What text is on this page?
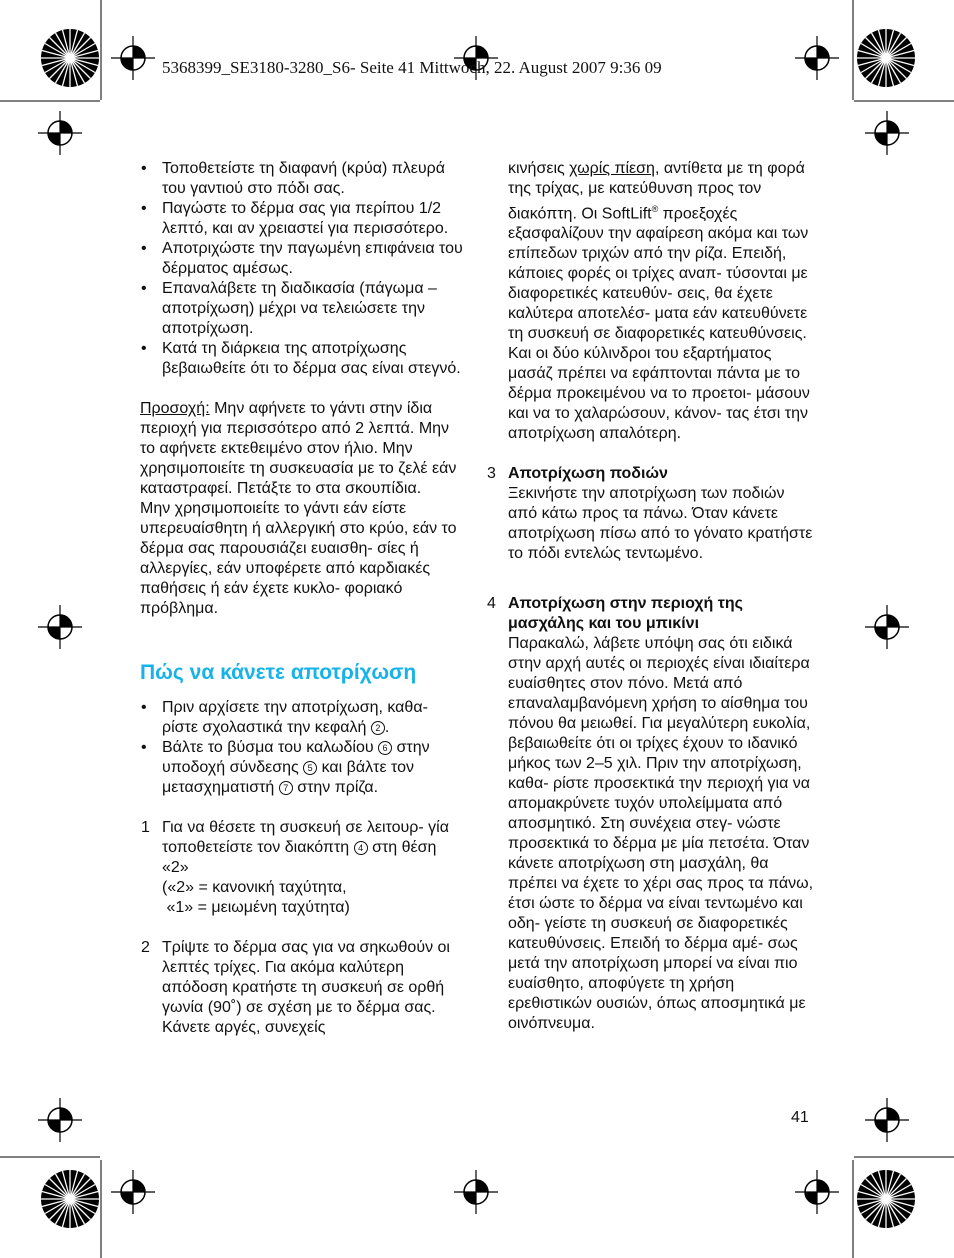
5368399_SE3180-3280_S6- Seite 41 Mittwoch, 22. August 2007 9:36 09
• Τοποθετείστε τη διαφανή (κρύα) πλευρά του γαντιού στο πόδι σας.
• Παγώστε το δέρμα σας για περίπου 1/2 λεπτό, και αν χρειαστεί για περισσότερο.
• Αποτριχώστε την παγωμένη επιφάνεια του δέρματος αμέσως.
• Επαναλάβετε τη διαδικασία (πάγωμα – αποτρίχωση) μέχρι να τελειώσετε την αποτρίχωση.
• Κατά τη διάρκεια της αποτρίχωσης βεβαιωθείτε ότι το δέρμα σας είναι στεγνό.

Προσοχή: Μην αφήνετε το γάντι στην ίδια περιοχή για περισσότερο από 2 λεπτά. Μην το αφήνετε εκτεθειμένο στον ήλιο. Μην χρησιμοποιείτε τη συσκευασία με το ζελέ εάν καταστραφεί. Πετάξτε το στα σκουπίδια.

Μην χρησιμοποιείτε το γάντι εάν είστε υπερευαίσθητη ή αλλεργική στο κρύο, εάν το δέρμα σας παρουσιάζει ευαισθη- σίες ή αλλεργίες, εάν υποφέρετε από καρδιακές παθήσεις ή εάν έχετε κυκλο- φοριακό πρόβλημα.

Πώς να κάνετε αποτρίχωση

• Πριν αρχίσετε την αποτρίχωση, καθα- ρίστε σχολαστικά την κεφαλή 2 .
• Βάλτε το βύσμα του καλωδίου 6 στην υποδοχή σύνδεσης 5 και βάλτε τον μετασχηματιστή 7 στην πρίζα.
1 Για να θέσετε τη συσκευή σε λειτουρ- γία τοποθετείστε τον διακόπτη 4 στη θέση «2»

(«2» = κανονική ταχύτητα,

«1» = μειωμένη ταχύτητα)

2 Τρίψτε το δέρμα σας για να σηκωθούν οι λεπτές τρίχες. Για ακόμα καλύτερη απόδοση κρατήστε τη συσκευή σε ορθή γωνία (90˚) σε σχέση με το δέρμα σας. Κάνετε αργές, συνεχείς

κινήσεις χωρίς πίεση, αντίθετα με τη φορά της τρίχας, με κατεύθυνση προς τον διακόπτη. Οι SoftLift® προεξοχές εξασφαλίζουν την αφαίρεση ακόμα και των επίπεδων τριχών από την ρίζα. Επειδή, κάποιες φορές οι τρίχες αναπ- τύσονται με διαφορετικές κατευθύν- σεις, θα έχετε καλύτερα αποτελέσ- ματα εάν κατευθύνετε τη συσκευή σε διαφορετικές κατευθύνσεις.

Και οι δύο κύλινδροι του εξαρτήματος μασάζ πρέπει να εφάπτονται πάντα με το δέρμα προκειμένου να το προετοι- μάσουν και να το χαλαρώσουν, κάνον- τας έτσι την αποτρίχωση απαλότερη.

3 Αποτρίχωση ποδιών

Ξεκινήστε την αποτρίχωση των ποδιών από κάτω προς τα πάνω. Όταν κάνετε αποτρίχωση πίσω από το γόνατο κρατήστε το πόδι εντελώς τεντωμένο.

4 Αποτρίχωση στην περιοχή της μασχάλης και του μπικίνι

Παρακαλώ, λάβετε υπόψη σας ότι ειδικά στην αρχή αυτές οι περιοχές είναι ιδιαίτερα ευαίσθητες στον πόνο. Μετά από επαναλαμβανόμενη χρήση το αίσθημα του πόνου θα μειωθεί. Για μεγαλύτερη ευκολία, βεβαιωθείτε ότι οι τρίχες έχουν το ιδανικό μήκος των 2–5 χιλ. Πριν την αποτρίχωση, καθα- ρίστε προσεκτικά την περιοχή για να απομακρύνετε τυχόν υπολείμματα από αποσμητικό. Στη συνέχεια στεγ- νώστε προσεκτικά το δέρμα με μία πετσέτα. Όταν κάνετε αποτρίχωση στη μασχάλη, θα πρέπει να έχετε το χέρι σας προς τα πάνω, έτσι ώστε το δέρμα να είναι τεντωμένο και οδη- γείστε τη συσκευή σε διαφορετικές κατευθύνσεις. Επειδή το δέρμα αμέ- σως μετά την αποτρίχωση μπορεί να είναι πιο ευαίσθητο, αποφύγετε τη χρήση ερεθιστικών ουσιών, όπως αποσμητικά με οινόπνευμα.

41
